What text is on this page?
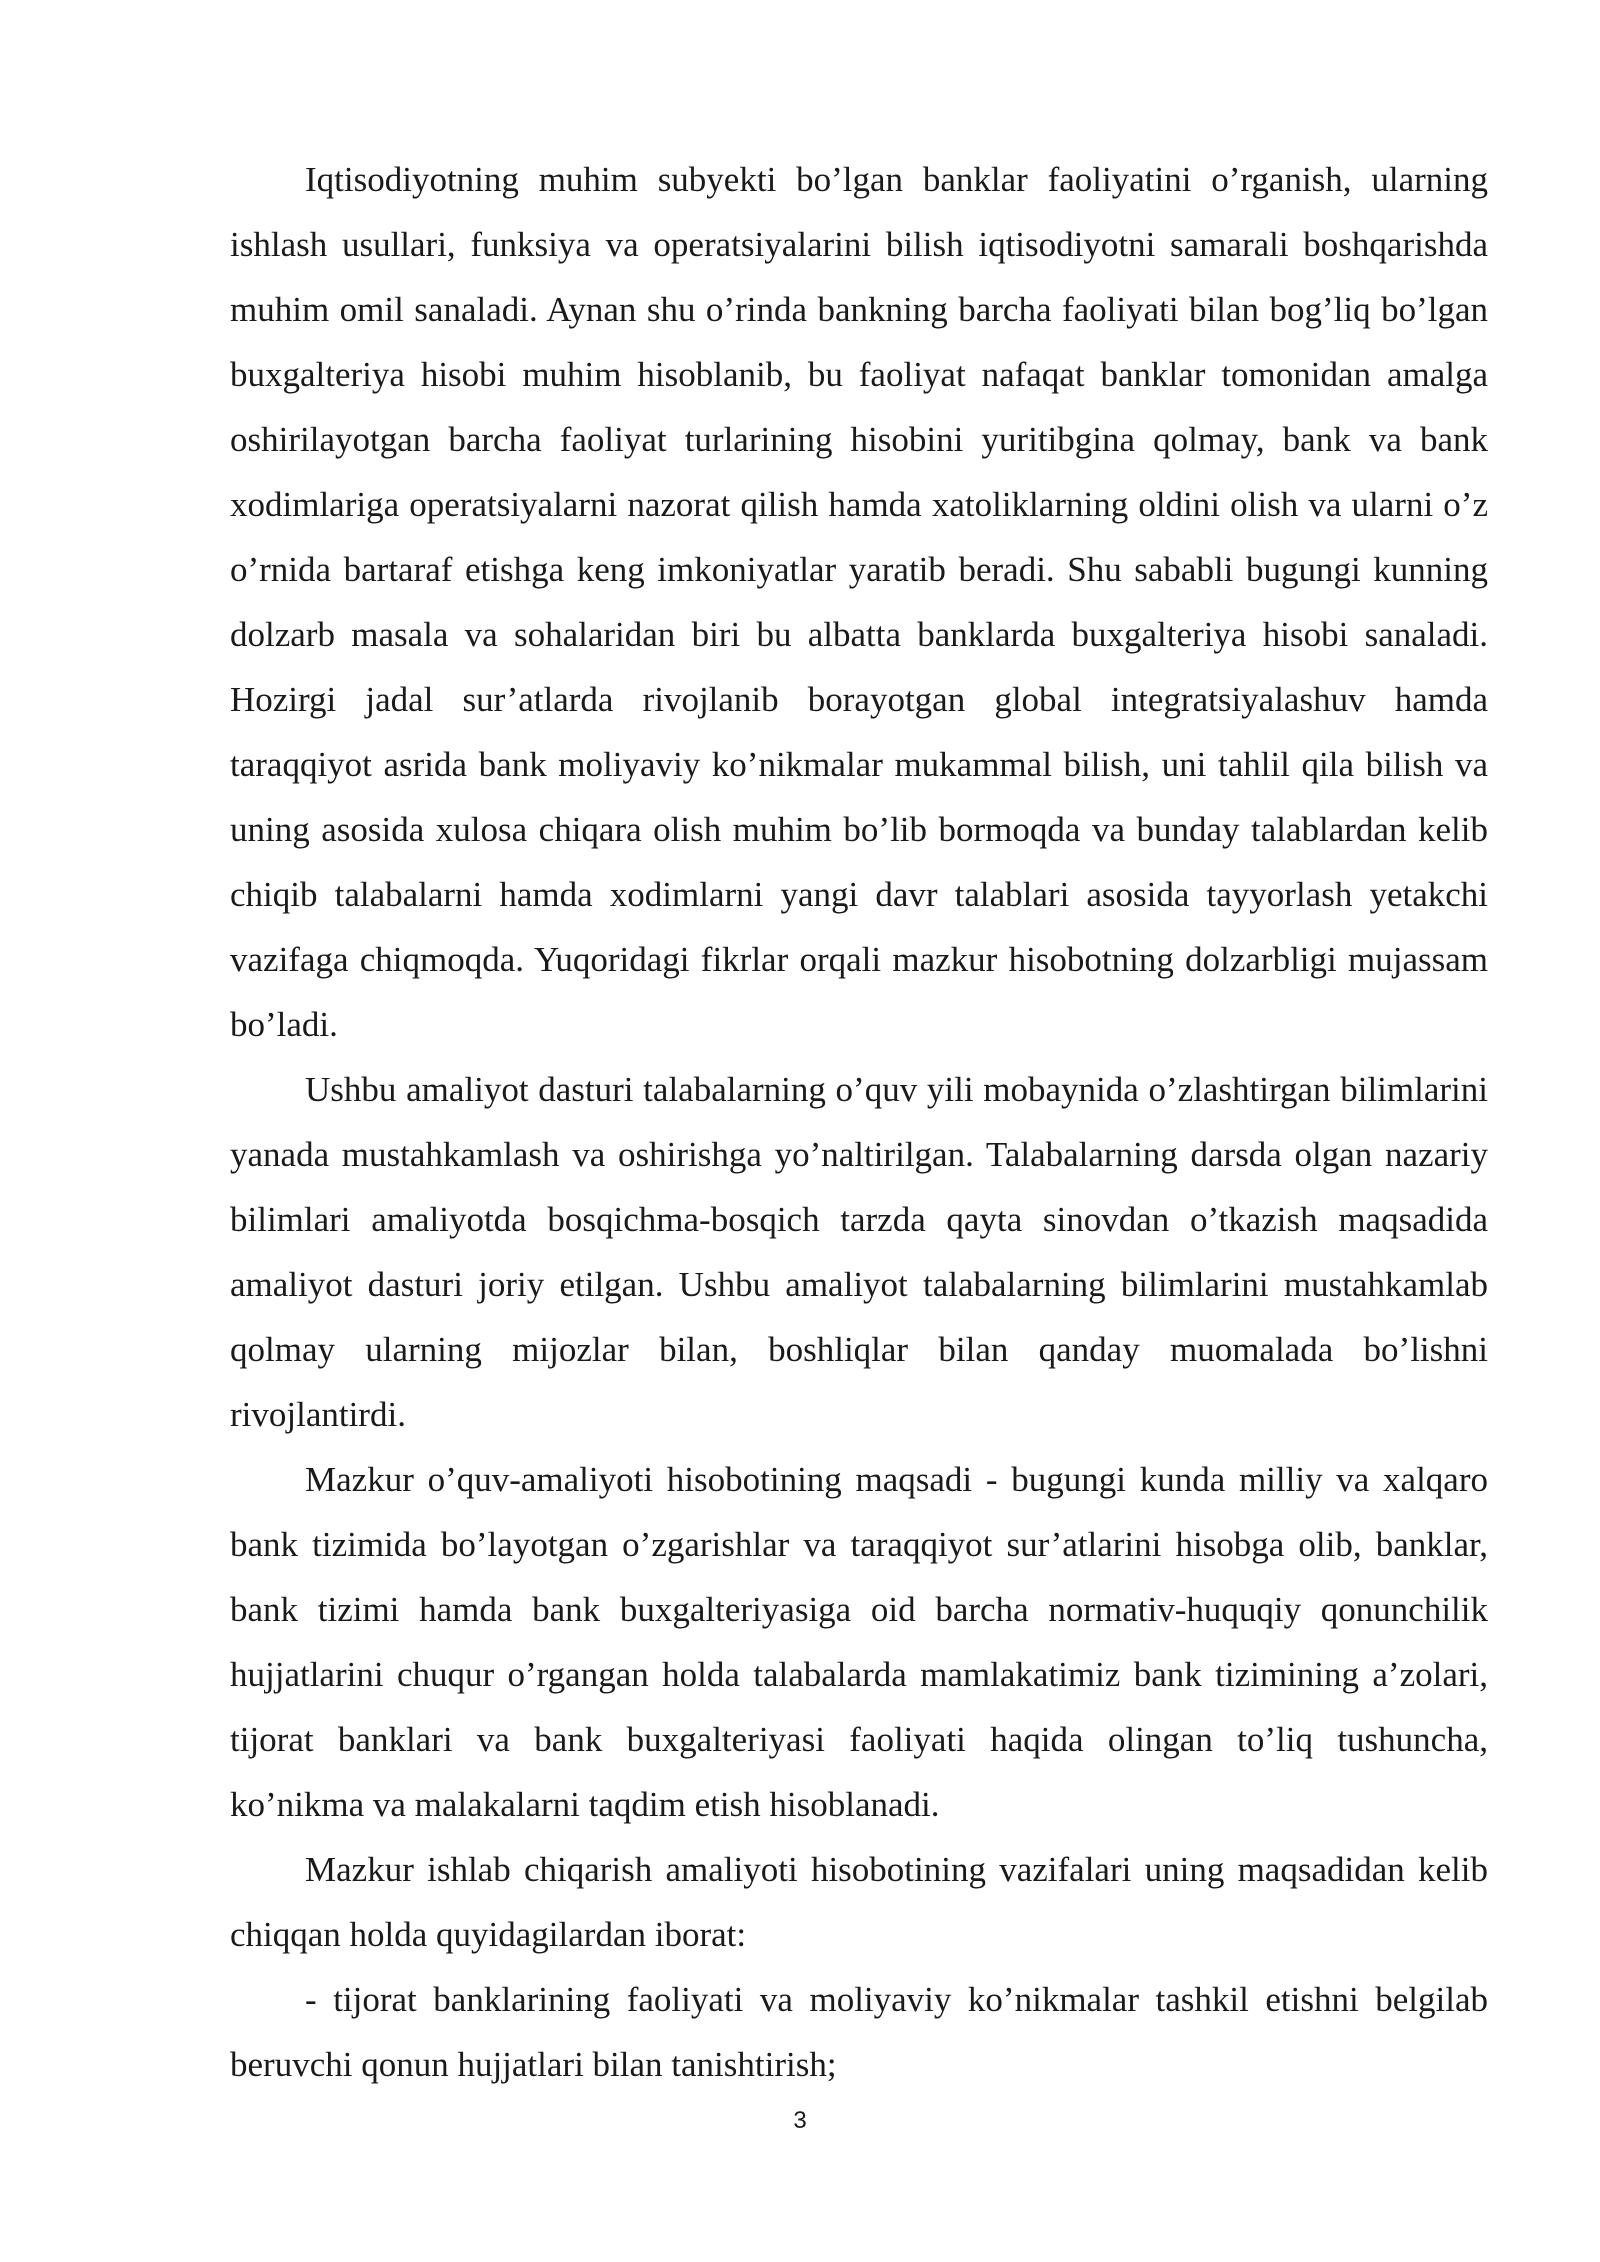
Iqtisodiyotning muhim subyekti bo’lgan banklar faoliyatini o’rganish, ularning ishlash usullari, funksiya va operatsiyalarini bilish iqtisodiyotni samarali boshqarishda muhim omil sanaladi. Aynan shu o’rinda bankning barcha faoliyati bilan bog’liq bo’lgan buxgalteriya hisobi muhim hisoblanib, bu faoliyat nafaqat banklar tomonidan amalga oshirilayotgan barcha faoliyat turlarining hisobini yuritibgina qolmay, bank va bank xodimlariga operatsiyalarni nazorat qilish hamda xatoliklarning oldini olish va ularni o’z o’rnida bartaraf etishga keng imkoniyatlar yaratib beradi. Shu sababli bugungi kunning dolzarb masala va sohalaridan biri bu albatta banklarda buxgalteriya hisobi sanaladi. Hozirgi jadal sur’atlarda rivojlanib borayotgan global integratsiyalashuv hamda taraqqiyot asrida bank moliyaviy ko’nikmalar mukammal bilish, uni tahlil qila bilish va uning asosida xulosa chiqara olish muhim bo’lib bormoqda va bunday talablardan kelib chiqib talabalarni hamda xodimlarni yangi davr talablari asosida tayyorlash yetakchi vazifaga chiqmoqda. Yuqoridagi fikrlar orqali mazkur hisobotning dolzarbligi mujassam bo’ladi.

Ushbu amaliyot dasturi talabalarning o’quv yili mobaynida o’zlashtirgan bilimlarini yanada mustahkamlash va oshirishga yo’naltirilgan. Talabalarning darsda olgan nazariy bilimlari amaliyotda bosqichma-bosqich tarzda qayta sinovdan o’tkazish maqsadida amaliyot dasturi joriy etilgan. Ushbu amaliyot talabalarning bilimlarini mustahkamlab qolmay ularning mijozlar bilan, boshliqlar bilan qanday muomalada bo’lishni rivojlantirdi.

Mazkur o’quv-amaliyoti hisobotining maqsadi - bugungi kunda milliy va xalqaro bank tizimida bo’layotgan o’zgarishlar va taraqqiyot sur’atlarini hisobga olib, banklar, bank tizimi hamda bank buxgalteriyasiga oid barcha normativ-huquqiy qonunchilik hujjatlarini chuqur o’rgangan holda talabalarda mamlakatimiz bank tizimining a’zolari, tijorat banklari va bank buxgalteriyasi faoliyati haqida olingan to’liq tushuncha, ko’nikma va malakalarni taqdim etish hisoblanadi.

Mazkur ishlab chiqarish amaliyoti hisobotining vazifalari uning maqsadidan kelib chiqqan holda quyidagilardan iborat:

- tijorat banklarining faoliyati va moliyaviy ko’nikmalar tashkil etishni belgilab beruvchi qonun hujjatlari bilan tanishtirish;

3
